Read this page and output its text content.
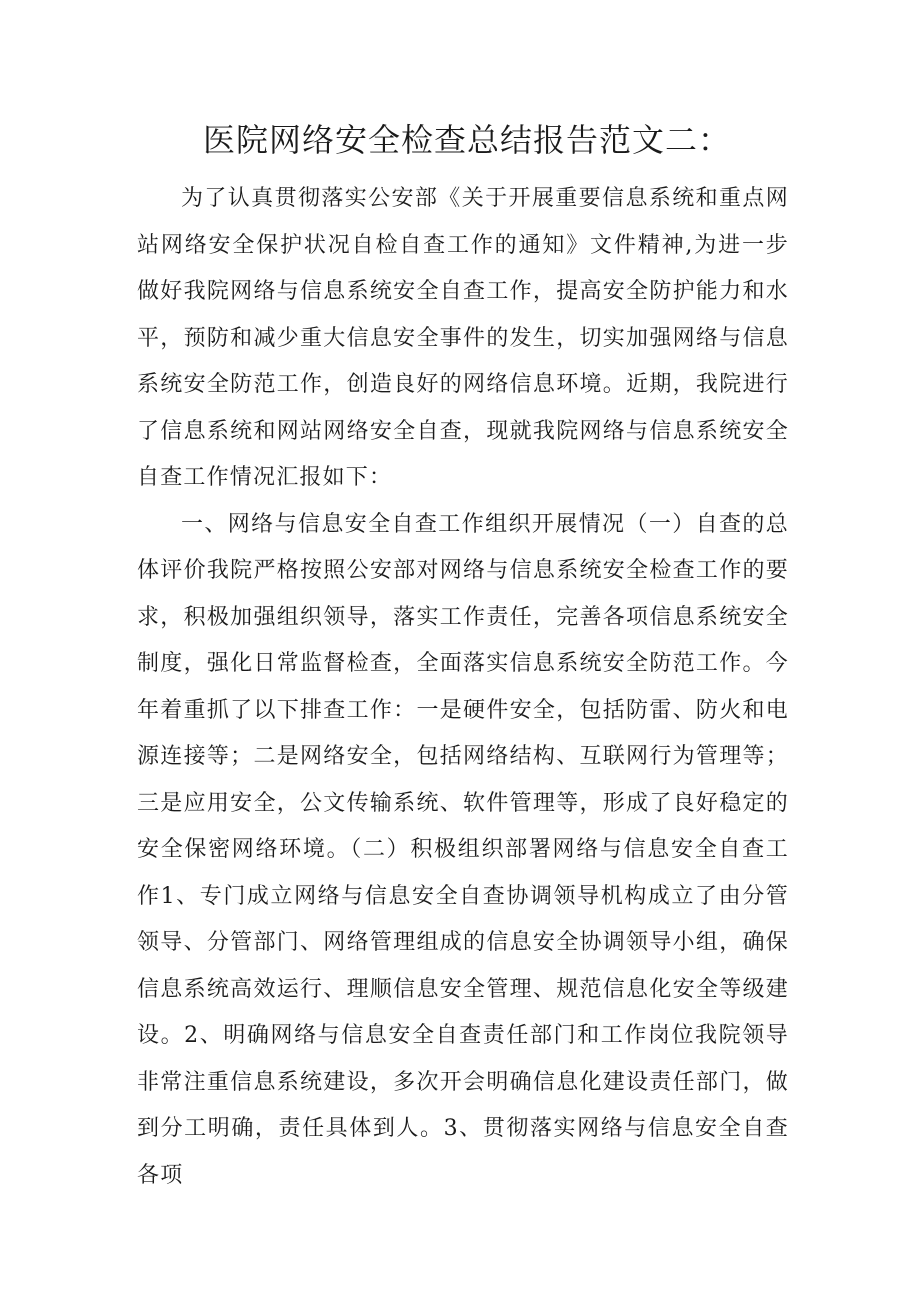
医院网络安全检查总结报告范文二：

为了认真贯彻落实公安部《关于开展重要信息系统和重点网站网络安全保护状况自检自查工作的通知》文件精神,为进一步做好我院网络与信息系统安全自查工作，提高安全防护能力和水平，预防和减少重大信息安全事件的发生，切实加强网络与信息系统安全防范工作，创造良好的网络信息环境。近期，我院进行了信息系统和网站网络安全自查，现就我院网络与信息系统安全自查工作情况汇报如下：

一、网络与信息安全自查工作组织开展情况（一）自查的总体评价我院严格按照公安部对网络与信息系统安全检查工作的要求，积极加强组织领导，落实工作责任，完善各项信息系统安全制度，强化日常监督检查，全面落实信息系统安全防范工作。今年着重抓了以下排查工作：一是硬件安全，包括防雷、防火和电源连接等；二是网络安全，包括网络结构、互联网行为管理等；三是应用安全，公文传输系统、软件管理等，形成了良好稳定的安全保密网络环境。（二）积极组织部署网络与信息安全自查工作1、专门成立网络与信息安全自查协调领导机构成立了由分管领导、分管部门、网络管理组成的信息安全协调领导小组，确保信息系统高效运行、理顺信息安全管理、规范信息化安全等级建设。2、明确网络与信息安全自查责任部门和工作岗位我院领导非常注重信息系统建设，多次开会明确信息化建设责任部门，做到分工明确，责任具体到人。3、贯彻落实网络与信息安全自查各项
